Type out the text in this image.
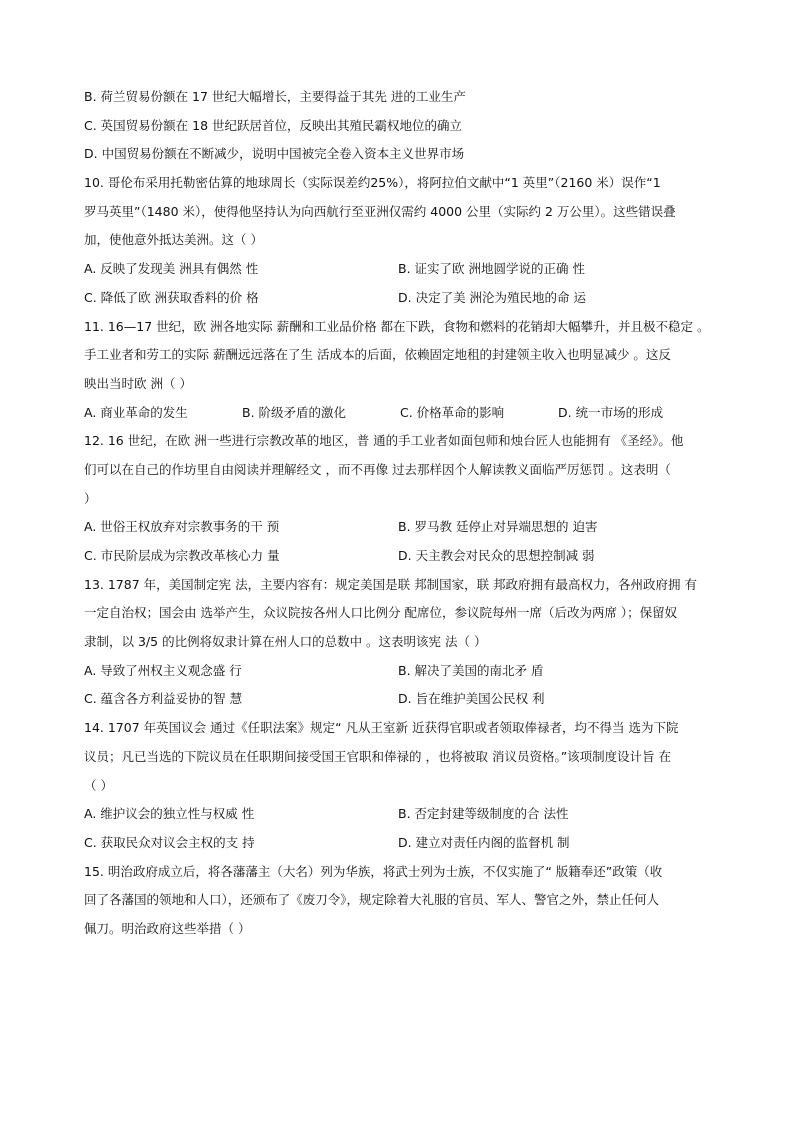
B. 荷兰贸易份额在 17 世纪大幅增长，主要得益于其先 进的工业生产
C. 英国贸易份额在 18 世纪跃居首位，反映出其殖民霸权地位的确立
D. 中国贸易份额在不断减少，说明中国被完全卷入资本主义世界市场
10. 哥伦布采用托勒密估算的地球周长（实际误差约25%），将阿拉伯文献中“1 英里”（2160 米）误作“1
罗马英里”（1480 米），使得他坚持认为向西航行至亚洲仅需约 4000 公里（实际约 2 万公里）。这些错误叠
加，使他意外抵达美洲。这（ ）
A. 反映了发现美 洲具有偶然 性	B. 证实了欧 洲地圆学说的正确 性
C. 降低了欧 洲获取香料的价 格	D. 决定了美 洲沦为殖民地的命 运
11. 16—17 世纪，欧 洲各地实际 薪酬和工业品价格 都在下跌，食物和燃料的花销却大幅攀升，并且极不稳定 。
手工业者和劳工的实际 薪酬远远落在了生 活成本的后面，依赖固定地租的封建领主收入也明显减少 。这反
映出当时欧 洲（ ）
A. 商业革命的发生	B. 阶级矛盾的激化	C. 价格革命的影响	D. 统一市场的形成
12. 16 世纪，在欧 洲一些进行宗教改革的地区，普 通的手工业者如面包师和烛台匠人也能拥有 《圣经》。他
们可以在自己的作坊里自由阅读并理解经文 ，而不再像 过去那样因个人解读教义面临严厉惩罚 。这表明（
）
A. 世俗王权放弃对宗教事务的干 预	B. 罗马教 廷停止对异端思想的 迫害
C. 市民阶层成为宗教改革核心力 量	D. 天主教会对民众的思想控制减 弱
13. 1787 年，美国制定宪 法，主要内容有：规定美国是联 邦制国家，联 邦政府拥有最高权力，各州政府拥 有
一定自治权；国会由 选举产生，众议院按各州人口比例分 配席位，参议院每州一席（后改为两席 ）；保留奴
隶制，以 3/5 的比例将奴隶计算在州人口的总数中 。这表明该宪 法（ ）
A. 导致了州权主义观念盛 行	B. 解决了美国的南北矛 盾
C. 蕴含各方利益妥协的智 慧	D. 旨在维护美国公民权 利
14. 1707 年英国议会 通过《任职法案》规定“ 凡从王室新 近获得官职或者领取俸禄者，均不得当 选为下院
议员；凡已当选的下院议员在任职期间接受国王官职和俸禄的 ，也将被取 消议员资格。”该项制度设计旨 在
（ ）
A. 维护议会的独立性与权威 性	B. 否定封建等级制度的合 法性
C. 获取民众对议会主权的支 持	D. 建立对责任内阁的监督机 制
15. 明治政府成立后，将各藩藩主（大名）列为华族，将武士列为士族，不仅实施了“ 版籍奉还”政策（收
回了各藩国的领地和人口），还颁布了《废刀令》，规定除着大礼服的官员、军人、警官之外，禁止任何人
佩刀。明治政府这些举措（ ）
